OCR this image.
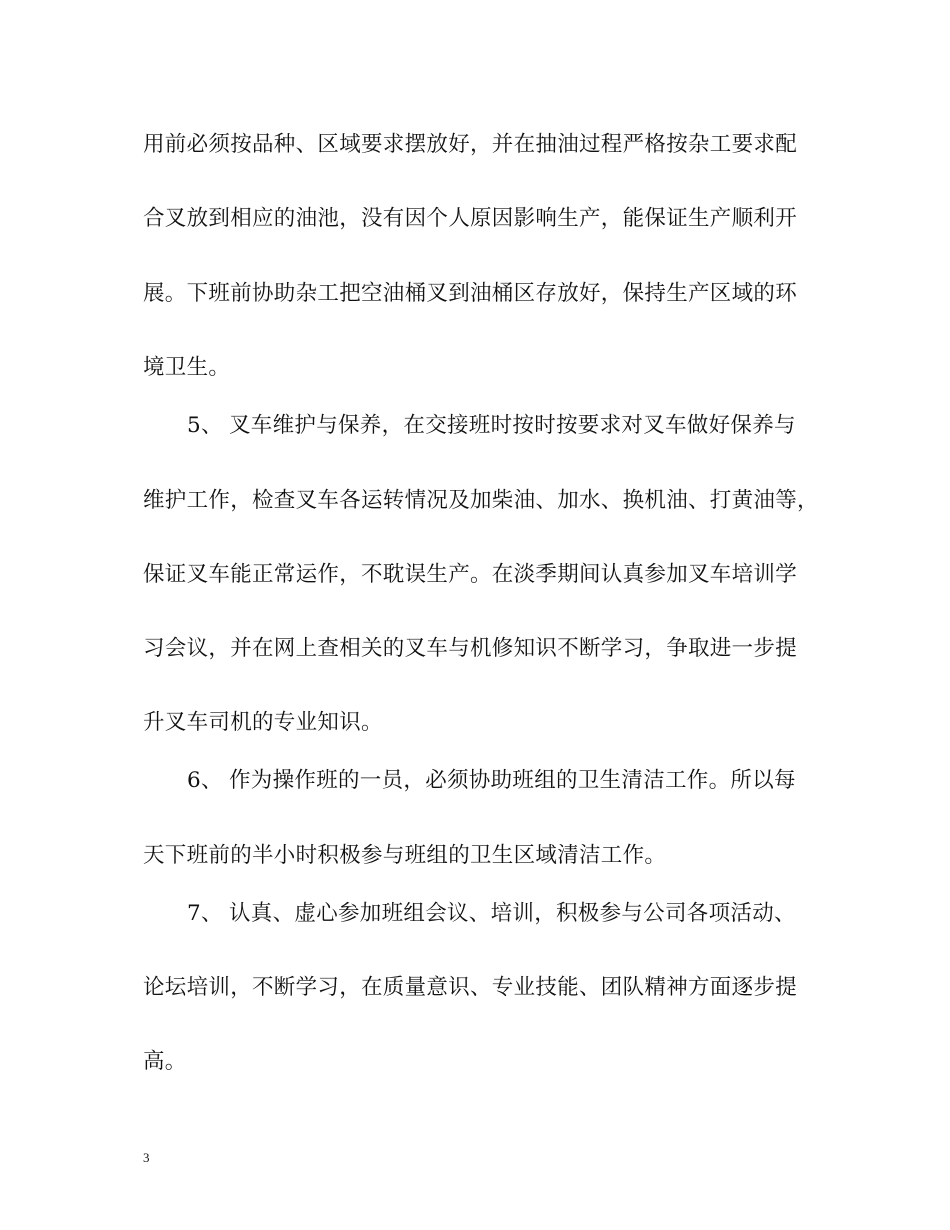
用前必须按品种、区域要求摆放好，并在抽油过程严格按杂工要求配
合叉放到相应的油池，没有因个人原因影响生产，能保证生产顺利开
展。下班前协助杂工把空油桶叉到油桶区存放好，保持生产区域的环
境卫生。
5、 叉车维护与保养，在交接班时按时按要求对叉车做好保养与
维护工作，检查叉车各运转情况及加柴油、加水、换机油、打黄油等，
保证叉车能正常运作，不耽误生产。在淡季期间认真参加叉车培训学
习会议，并在网上查相关的叉车与机修知识不断学习，争取进一步提
升叉车司机的专业知识。
6、 作为操作班的一员，必须协助班组的卫生清洁工作。所以每
天下班前的半小时积极参与班组的卫生区域清洁工作。
7、 认真、虚心参加班组会议、培训，积极参与公司各项活动、
论坛培训，不断学习，在质量意识、专业技能、团队精神方面逐步提
高。
3
